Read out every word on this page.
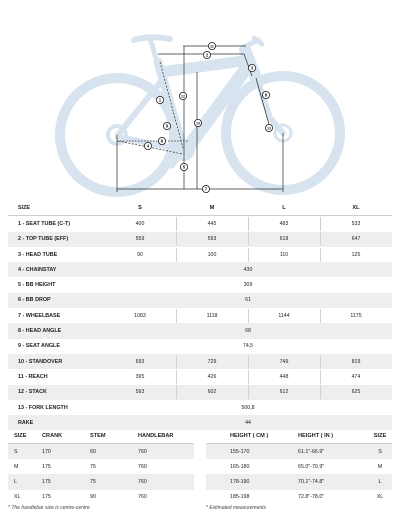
1
2
3
4
5
6
7
8
9	10
11
12
13
SIZE	S	M	L	XL
1 - SEAT TUBE (C-T)	400	445	483	533
2 - TOP TUBE (EFF)	559	593	618	647
3 - HEAD TUBE	90	100	110	125
4 - CHAINSTAY	430
5 - BB HEIGHT	309
6 - BB DROP	61
7 - WHEELBASE	1083	1118	1144	1175
8 - HEAD ANGLE	68
9 - SEAT ANGLE	74,5
10 - STANDOVER	693	729	749	819
11 - REACH	395	426	448	474
12 - STACK	593	602	612	625
13 - FORK LENGTH	500,8
RAKE	44
SIZE	CRANK	STEM	HANDLEBAR
S	170	60	760
M	175	75	760
L	175	75	760
XL	175	90	760
HEIGHT ( CM )	HEIGHT ( IN )	SIZE
155-170	61.1"-66.9"	S
165-180	65.0"-70.9"	M
178-190	70.1"-74.8"	L
185-198	72.8"-78.0"	XL
* The handlebar size is centre-centre	* Estimated measurements
